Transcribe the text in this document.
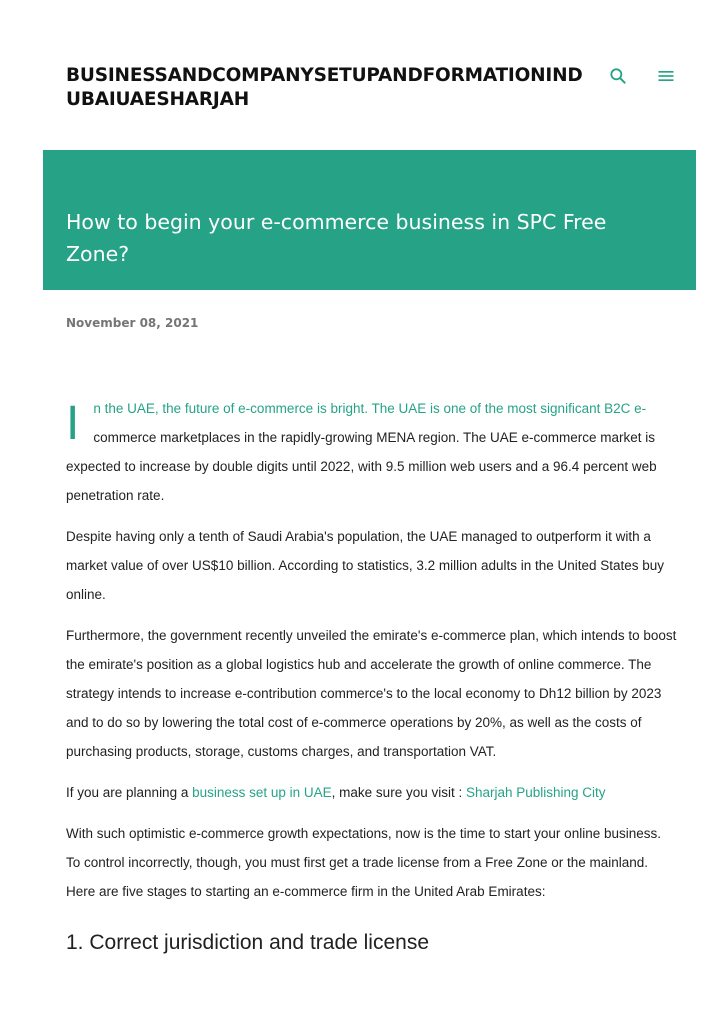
BUSINESSANDCOMPANYSETUPANDFORMATIONINDUBAIUAESHARJAH
How to begin your e-commerce business in SPC Free Zone?
November 08, 2021

I n the UAE, the future of e-commerce is bright. The UAE is one of the most significant B2C e- commerce marketplaces in the rapidly-growing MENA region. The UAE e-commerce market is expected to increase by double digits until 2022, with 9.5 million web users and a 96.4 percent web penetration rate.

Despite having only a tenth of Saudi Arabia's population, the UAE managed to outperform it with a market value of over US$10 billion. According to statistics, 3.2 million adults in the United States buy online.

Furthermore, the government recently unveiled the emirate's e-commerce plan, which intends to boost the emirate's position as a global logistics hub and accelerate the growth of online commerce. The strategy intends to increase e-contribution commerce's to the local economy to Dh12 billion by 2023 and to do so by lowering the total cost of e-commerce operations by 20%, as well as the costs of purchasing products, storage, customs charges, and transportation VAT.

If you are planning a business set up in UAE, make sure you visit : Sharjah Publishing City

With such optimistic e-commerce growth expectations, now is the time to start your online business. To control incorrectly, though, you must first get a trade license from a Free Zone or the mainland. Here are five stages to starting an e-commerce firm in the United Arab Emirates:

1. Correct jurisdiction and trade license
